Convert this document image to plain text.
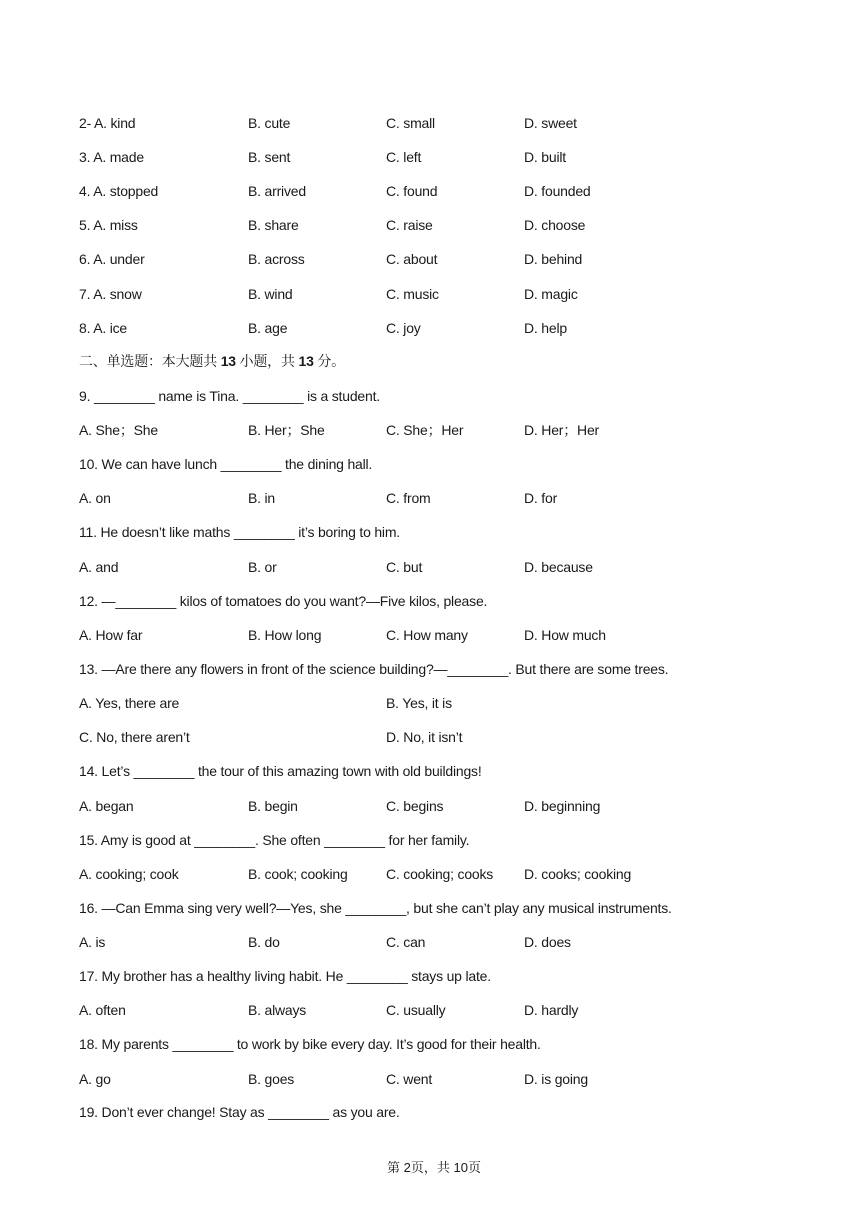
2- A. kind	B. cute	C. small	D. sweet
3. A. made	B. sent	C. left	D. built
4. A. stopped	B. arrived	C. found	D. founded
5. A. miss	B. share	C. raise	D. choose
6. A. under	B. across	C. about	D. behind
7. A. snow	B. wind	C. music	D. magic
8. A. ice	B. age	C. joy	D. help
二、单选题：本大题共 13 小题，共 13 分。
9. ________ name is Tina. ________ is a student.
A. She；She	B. Her；She	C. She；Her	D. Her；Her
10. We can have lunch ________ the dining hall.
A. on	B. in	C. from	D. for
11. He doesn’t like maths ________ it’s boring to him.
A. and	B. or	C. but	D. because
12. —________ kilos of tomatoes do you want?—Five kilos, please.
A. How far	B. How long	C. How many	D. How much
13. —Are there any flowers in front of the science building?—________. But there are some trees.
A. Yes, there are	B. Yes, it is
C. No, there aren’t	D. No, it isn’t
14. Let’s ________ the tour of this amazing town with old buildings!
A. began	B. begin	C. begins	D. beginning
15. Amy is good at ________. She often ________ for her family.
A. cooking; cook	B. cook; cooking	C. cooking; cooks D. cooks; cooking
16. —Can Emma sing very well?—Yes, she ________, but she can’t play any musical instruments.
A. is	B. do	C. can	D. does
17. My brother has a healthy living habit. He ________ stays up late.
A. often	B. always	C. usually	D. hardly
18. My parents ________ to work by bike every day. It’s good for their health.
A. go	B. goes	C. went	D. is going
19. Don’t ever change! Stay as ________ as you are.
第 2页，共 10页
